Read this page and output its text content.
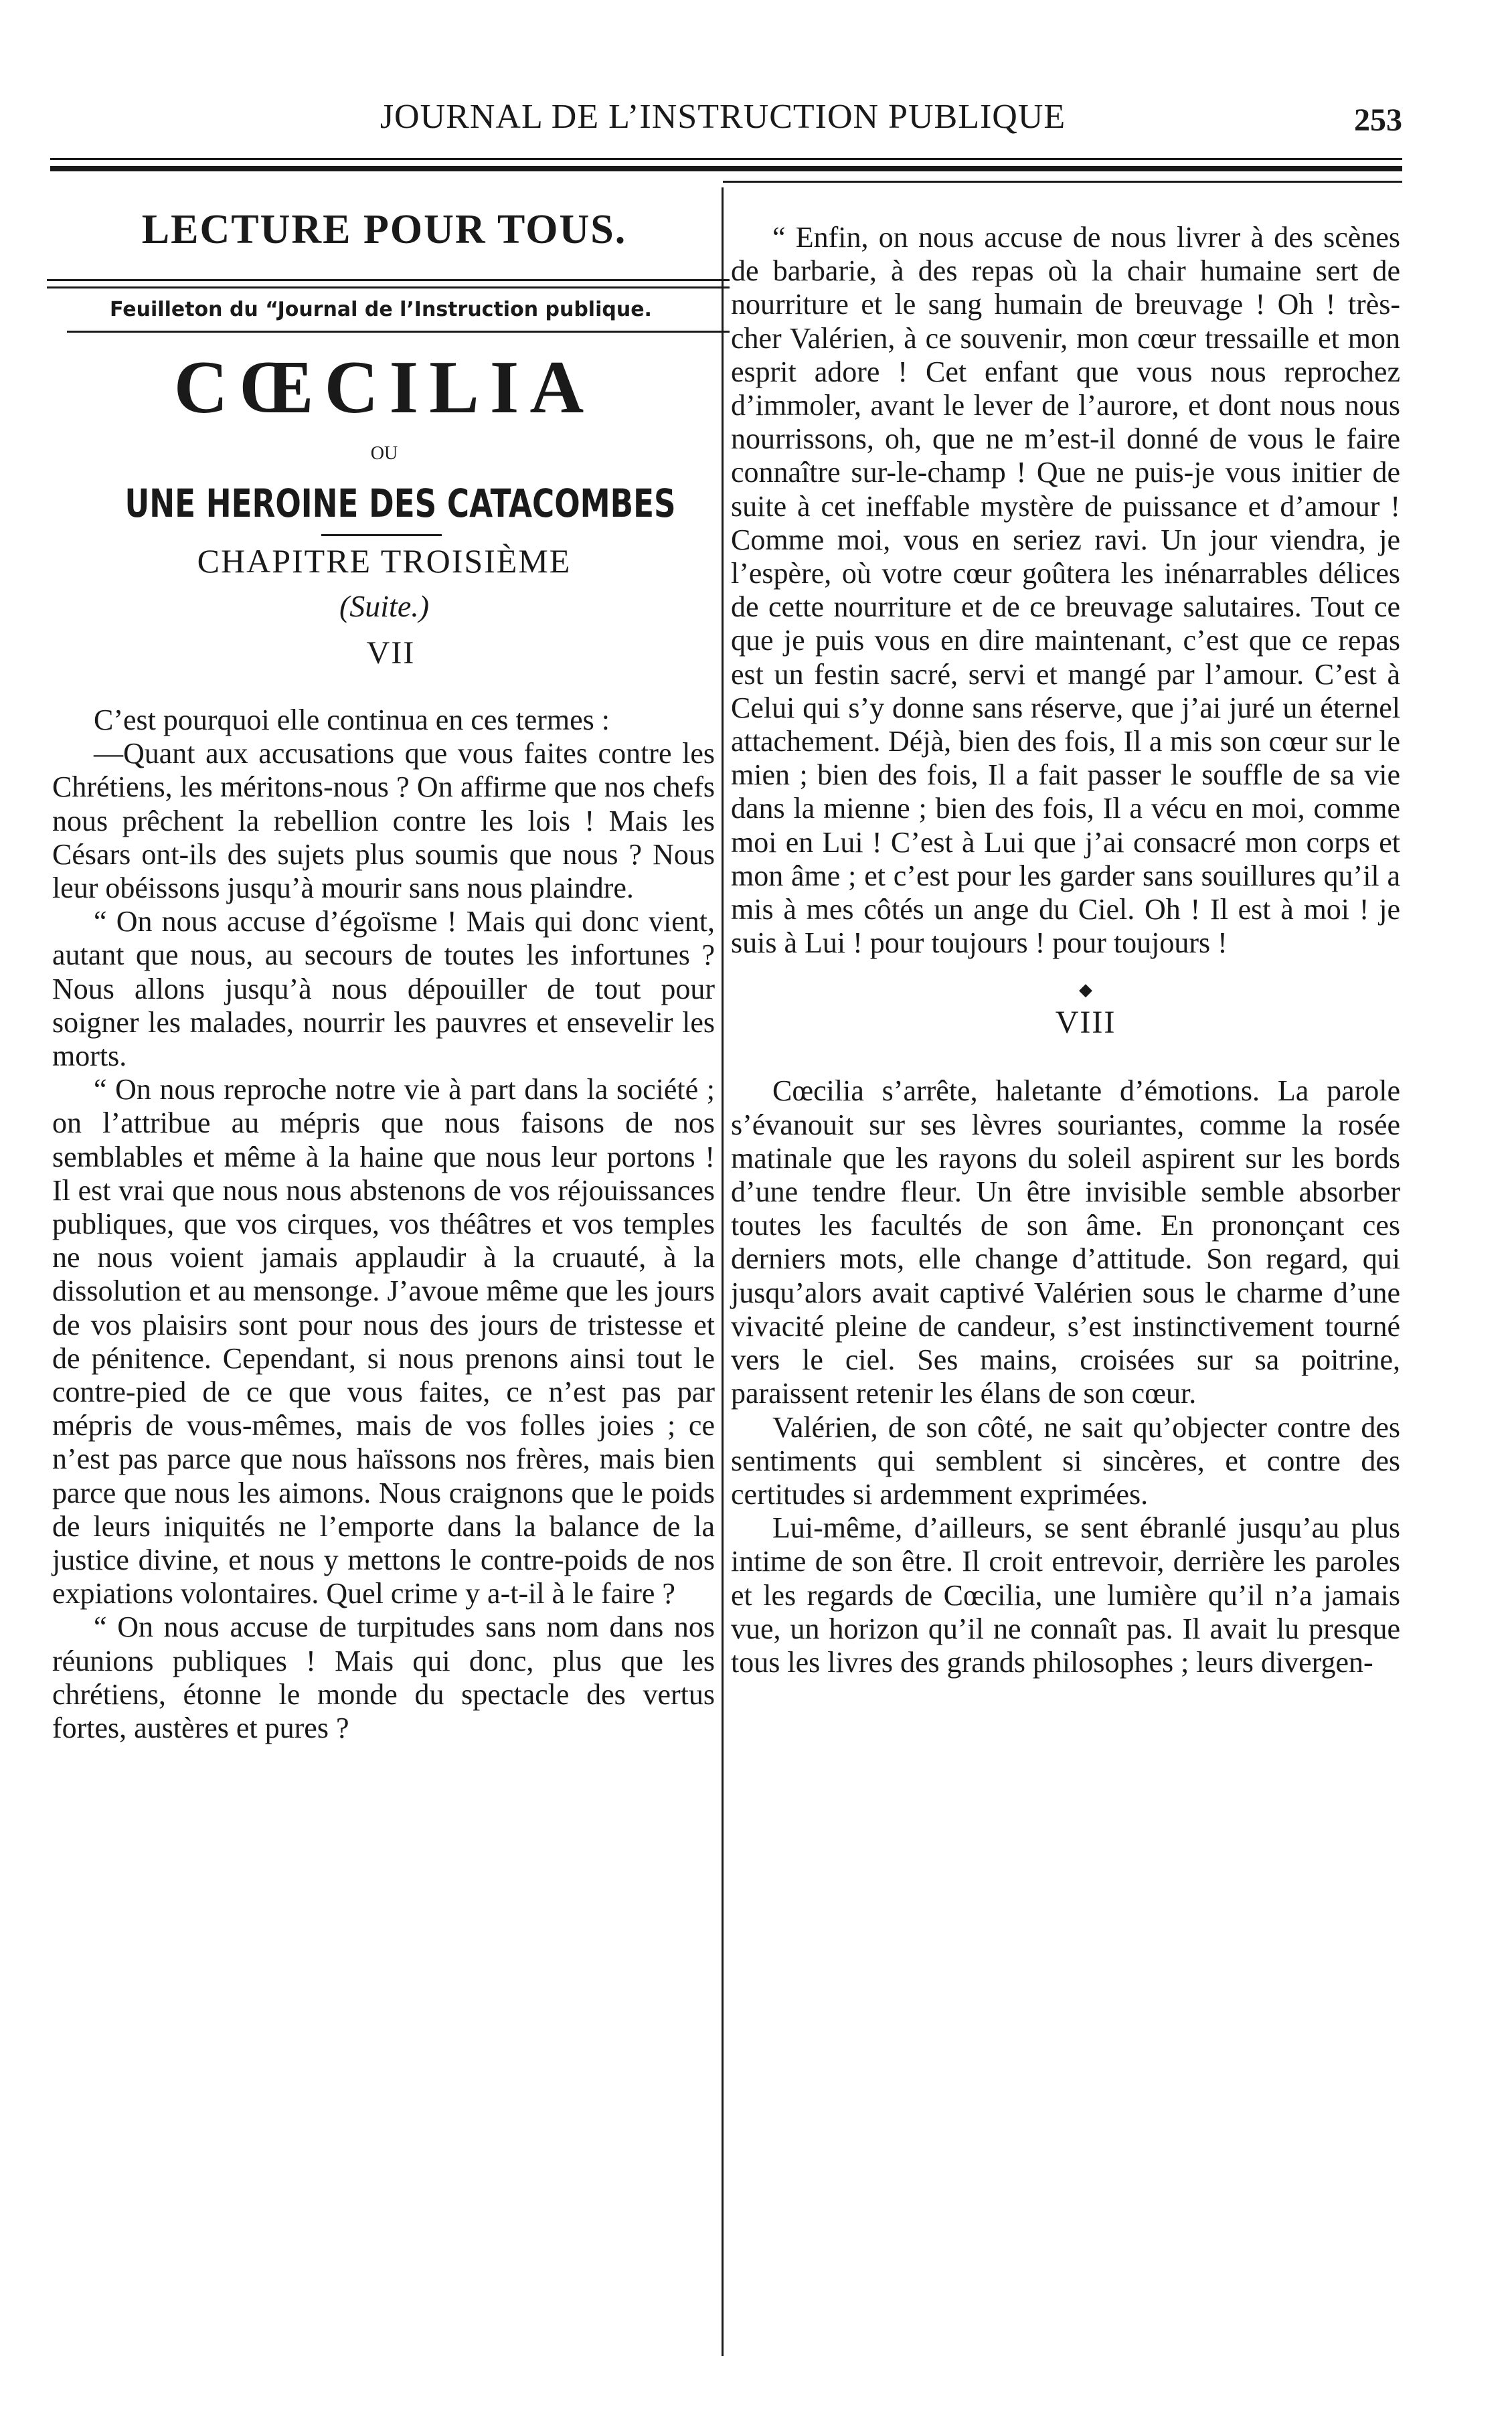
JOURNAL DE L’INSTRUCTION PUBLIQUE	253
LECTURE POUR TOUS.

Feuilleton du “Journal de l’Instruction publique.

CŒCILIA

OU

UNE HEROINE DES CATACOMBES

CHAPITRE TROISIÈME

(Suite.)

VII

C’est pourquoi elle continua en ces termes :

—Quant aux accusations que vous faites contre les Chrétiens, les méritons-nous ? On affirme que nos chefs nous prêchent la rebellion contre les lois ! Mais les Césars ont-ils des sujets plus soumis que nous ? Nous leur obéissons jusqu’à mourir sans nous plaindre.

“ On nous accuse d’égoïsme ! Mais qui donc vient, autant que nous, au secours de toutes les infortunes ? Nous allons jusqu’à nous dépouiller de tout pour soigner les malades, nourrir les pauvres et ensevelir les morts.

“ On nous reproche notre vie à part dans la société ; on l’attribue au mépris que nous faisons de nos semblables et même à la haine que nous leur portons ! Il est vrai que nous nous abstenons de vos réjouissances publiques, que vos cirques, vos théâtres et vos temples ne nous voient jamais applaudir à la cruauté, à la dissolution et au mensonge. J’avoue même que les jours de vos plaisirs sont pour nous des jours de tristesse et de pénitence. Cependant, si nous prenons ainsi tout le contre-pied de ce que vous faites, ce n’est pas par mépris de vous-mêmes, mais de vos folles joies ; ce n’est pas parce que nous haïssons nos frères, mais bien parce que nous les aimons. Nous craignons que le poids de leurs iniquités ne l’emporte dans la balance de la justice divine, et nous y mettons le contre-poids de nos expiations volontaires. Quel crime y a-t-il à le faire ?

“ On nous accuse de turpitudes sans nom dans nos réunions publiques ! Mais qui donc, plus que les chrétiens, étonne le monde du spectacle des vertus fortes, austères et pures ?

“ Enfin, on nous accuse de nous livrer à des scènes de barbarie, à des repas où la chair humaine sert de nourriture et le sang humain de breuvage ! Oh ! très-cher Valérien, à ce souvenir, mon cœur tressaille et mon esprit adore ! Cet enfant que vous nous reprochez d’immoler, avant le lever de l’aurore, et dont nous nous nourrissons, oh, que ne m’est-il donné de vous le faire connaître sur-le-champ ! Que ne puis-je vous initier de suite à cet ineffable mystère de puissance et d’amour ! Comme moi, vous en seriez ravi. Un jour viendra, je l’espère, où votre cœur goûtera les inénarrables délices de cette nourriture et de ce breuvage salutaires. Tout ce que je puis vous en dire maintenant, c’est que ce repas est un festin sacré, servi et mangé par l’amour. C’est à Celui qui s’y donne sans réserve, que j’ai juré un éternel attachement. Déjà, bien des fois, Il a mis son cœur sur le mien ; bien des fois, Il a fait passer le souffle de sa vie dans la mienne ; bien des fois, Il a vécu en moi, comme moi en Lui ! C’est à Lui que j’ai consacré mon corps et mon âme ; et c’est pour les garder sans souillures qu’il a mis à mes côtés un ange du Ciel. Oh ! Il est à moi ! je suis à Lui ! pour toujours ! pour toujours !

◆

VIII

Cœcilia s’arrête, haletante d’émotions. La parole s’évanouit sur ses lèvres souriantes, comme la rosée matinale que les rayons du soleil aspirent sur les bords d’une tendre fleur. Un être invisible semble absorber toutes les facultés de son âme. En prononçant ces derniers mots, elle change d’attitude. Son regard, qui jusqu’alors avait captivé Valérien sous le charme d’une vivacité pleine de candeur, s’est instinctivement tourné vers le ciel. Ses mains, croisées sur sa poitrine, paraissent retenir les élans de son cœur.

Valérien, de son côté, ne sait qu’objecter contre des sentiments qui semblent si sincères, et contre des certitudes si ardemment exprimées.

Lui-même, d’ailleurs, se sent ébranlé jusqu’au plus intime de son être. Il croit entrevoir, derrière les paroles et les regards de Cœcilia, une lumière qu’il n’a jamais vue, un horizon qu’il ne connaît pas. Il avait lu presque tous les livres des grands philosophes ; leurs divergen-
